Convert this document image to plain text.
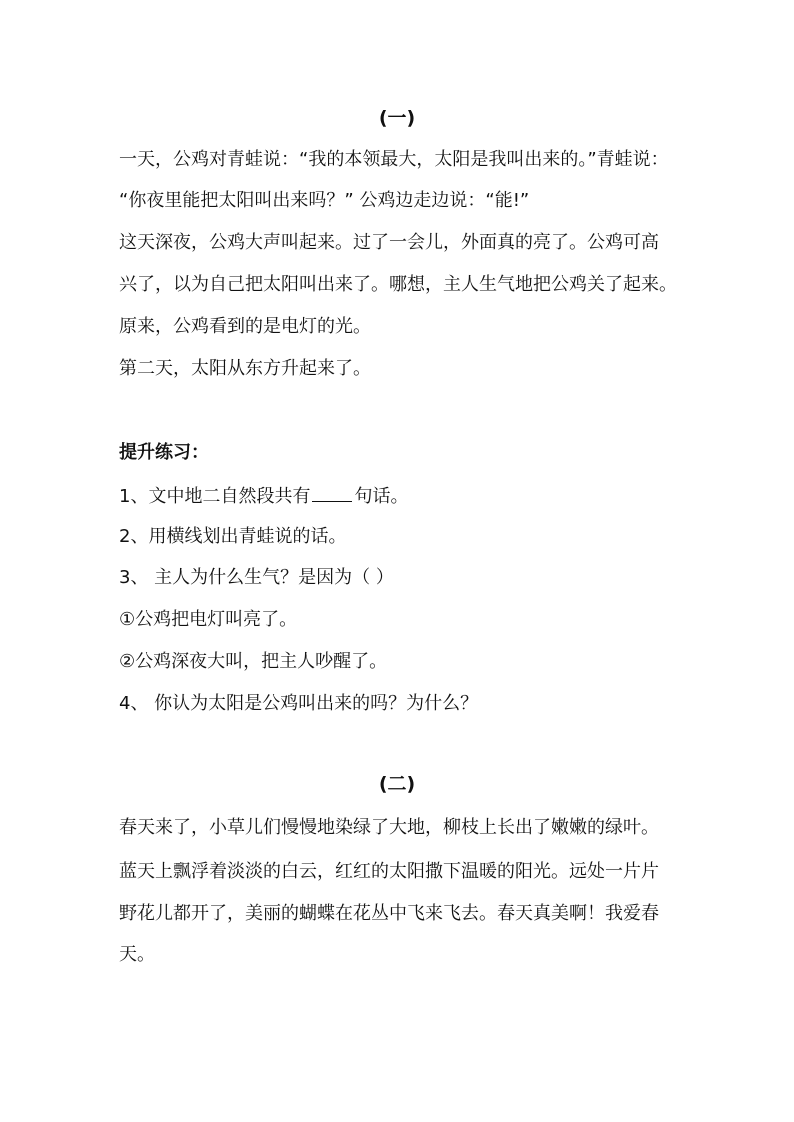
(一)
一天，公鸡对青蛙说：“我的本领最大，太阳是我叫出来的。”青蛙说：
“你夜里能把太阳叫出来吗？” 公鸡边走边说：“能!”
这天深夜，公鸡大声叫起来。过了一会儿，外面真的亮了。公鸡可高
兴了，以为自己把太阳叫出来了。哪想，主人生气地把公鸡关了起来。
原来，公鸡看到的是电灯的光。
第二天，太阳从东方升起来了。
提升练习：
1、文中地二自然段共有 句话。
2、用横线划出青蛙说的话。
3、 主人为什么生气？是因为（ ）
①公鸡把电灯叫亮了。
②公鸡深夜大叫，把主人吵醒了。
4、 你认为太阳是公鸡叫出来的吗？为什么？
(二)
春天来了，小草儿们慢慢地染绿了大地，柳枝上长出了嫩嫩的绿叶。
蓝天上飘浮着淡淡的白云，红红的太阳撒下温暖的阳光。远处一片片
野花儿都开了，美丽的蝴蝶在花丛中飞来飞去。春天真美啊！我爱春
天。
